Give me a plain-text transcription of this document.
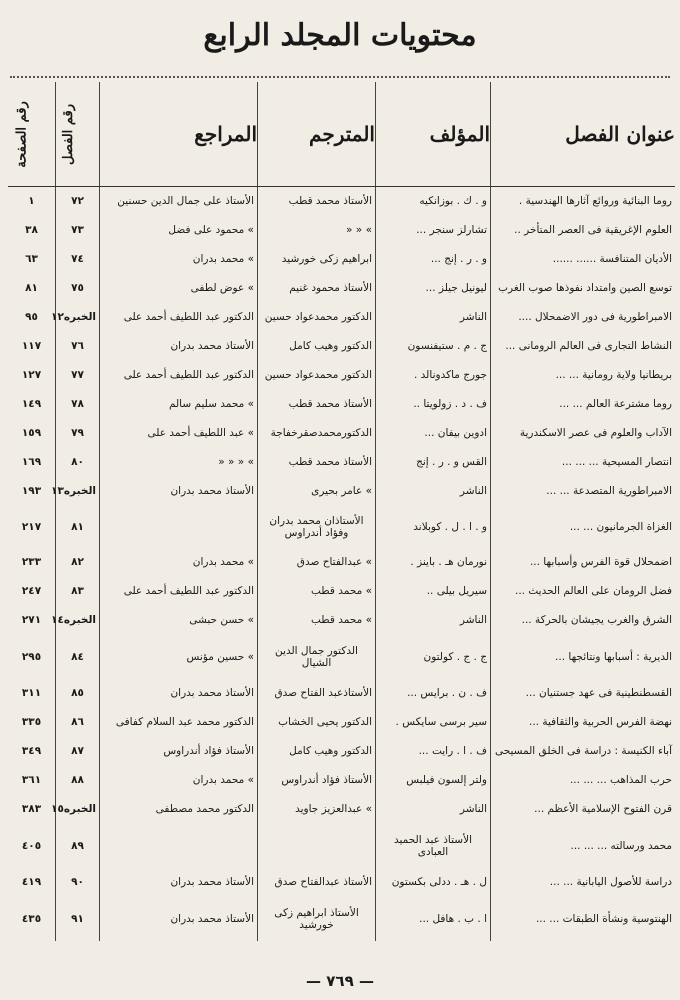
محتويات المجلد الرابع
عنوان الفصل	المؤلف	المترجم	المراجع	رقم الفصل	رقم الصفحة
روما البنائية وروائع آثارها الهندسية .	و . ك . بوزانكيه	الأستاذ محمد قطب	الأستاذ على جمال الدين حسنين	٧٢	١
العلوم الإغريقية فى العصر المتأخر ..	تشارلز سنجر ...	» « «	» محمود على فضل	٧٣	٣٨
الأديان المتنافسة ...... ......	و . ر . إنج ...	ابراهيم زكى خورشيد	» محمد بدران	٧٤	٦٣
توسع الصين وامتداد نفوذها صوب الغرب	ليونيل جيلز ...	الأستاذ محمود غنيم	» عوض لطفى	٧٥	٨١
الامبراطورية فى دور الاضمحلال ....	الناشر	الدكتور محمدعواد حسين	الدكتور عبد اللطيف أحمد على	الخبره١٢	٩٥
النشاط التجارى فى العالم الرومانى ...	ج . م . ستيفنسون	الدكتور وهيب كامل	الأستاذ محمد بدران	٧٦	١١٧
بريطانيا ولاية رومانية ... ...	جورج ماكدونالد .	الدكتور محمدعواد حسين	الدكتور عبد اللطيف أحمد على	٧٧	١٢٧
روما مشترعة العالم ... ...	ف . د . زولويتا ..	الأستاذ محمد قطب	» محمد سليم سالم	٧٨	١٤٩
الآداب والعلوم فى عصر الاسكندرية	ادوين بيفان ...	الدكتورمحمدصقرخفاجة	» عبد اللطيف أحمد على	٧٩	١٥٩
انتصار المسيحية ... ... ...	القس و . ر . إنج	الأستاذ محمد قطب	» « « «	٨٠	١٦٩
الامبراطورية المتصدعة ... ...	الناشر	» عامر بحيرى	الأستاذ محمد بدران	الخبره١٣	١٩٣
الغزاة الجرمانيون ... ...	و . ا . ل . كوبلاند	الأستاذان محمد بدران وفؤاد أندراوس		٨١	٢١٧
اضمحلال قوة الفرس وأسبابها ...	نورمان هـ . باينز .	» عبدالفتاح صدق	» محمد بدران	٨٢	٢٣٣
فضل الرومان على العالم الحديث ...	سيريل بيلى ..	» محمد قطب	الدكتور عبد اللطيف أحمد على	٨٣	٢٤٧
الشرق والغرب يجيشان بالحركة ...	الناشر	» محمد قطب	» حسن حبشى	الخبره١٤	٢٧١
الديرية : أسبابها ونتائجها ...	ج . ج . كولتون	الدكتور جمال الدين الشيال	» حسين مؤنس	٨٤	٢٩٥
القسطنطينية فى عهد جستنيان ...	ف . ن . برايس ...	الأستاذعبد الفتاح صدق	الأستاذ محمد بدران	٨٥	٣١١
نهضة الفرس الحربية والثقافية ...	سير برسى سايكس .	الدكتور يحيى الخشاب	الدكتور محمد عبد السلام كفافى	٨٦	٣٣٥
آباء الكنيسة : دراسة فى الخلق المسيحى	ف . ا . رايت ...	الدكتور وهيب كامل	الأستاذ فؤاد أندراوس	٨٧	٣٤٩
حرب المذاهب ... ... ...	ولتر إلسون فيلبس	الأستاذ فؤاد أندراوس	» محمد بدران	٨٨	٣٦١
قرن الفتوح الإسلامية الأعظم ...	الناشر	» عبدالعزيز جاويد	الدكتور محمد مصطفى	الخبره١٥	٣٨٣
محمد ورسالته ... ... ...	الأستاذ عبد الحميد العبادى			٨٩	٤٠٥
دراسة للأصول اليابانية ... ...	ل . هـ . ددلى بكستون	الأستاذ عبدالفتاح صدق	الأستاذ محمد بدران	٩٠	٤١٩
الهنتوسية ونشأة الطبقات ... ...	ا . ب . هافل ...	الأستاذ ابراهيم زكى خورشيد	الأستاذ محمد بدران	٩١	٤٣٥
— ٧٦٩ —
